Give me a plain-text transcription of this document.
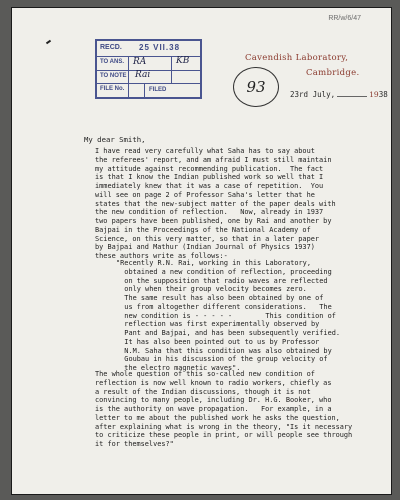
RR/w/6/47
RECD. 25 VII.38
TO ANS. RA	KB
TO NOTE Rai
FILE No.	FILED
Cavendish Laboratory,
Cambridge.
93	23rd July,	1938
My dear Smith,
I have read very carefully what Saha has to say about
the referees' report, and am afraid I must still maintain
my attitude against recommending publication.  The fact
is that I know the Indian published work so well that I
immediately knew that it was a case of repetition.  You
will see on page 2 of Professor Saha's letter that he
states that the new-subject matter of the paper deals with
the new condition of reflection.   Now, already in 1937
two papers have been published, one by Rai and another by
Bajpai in the Proceedings of the National Academy of
Science, on this very matter, so that in a later paper
by Bajpai and Mathur (Indian Journal of Physics 1937)
these authors write as follows:-
"Recently R.N. Rai, working in this Laboratory,
obtained a new condition of reflection, proceeding
on the supposition that radio waves are reflected
only when their group velocity becomes zero.
The same result has also been obtained by one of
us from altogether different considerations.   The
new condition is - - - - -        This condition of
reflection was first experimentally observed by
Pant and Bajpai, and has been subsequently verified.
It has also been pointed out to us by Professor
N.M. Saha that this condition was also obtained by
Goubau in his discussion of the group velocity of
the electro magnetic waves".
The whole question of this so-called new condition of
reflection is now well known to radio workers, chiefly as
a result of the Indian discussions, though it is not
convincing to many people, including Dr. H.G. Booker, who
is the authority on wave propagation.   For example, in a
letter to me about the published work he asks the question,
after explaining what is wrong in the theory, "Is it necessary
to criticize these people in print, or will people see through
it for themselves?"
